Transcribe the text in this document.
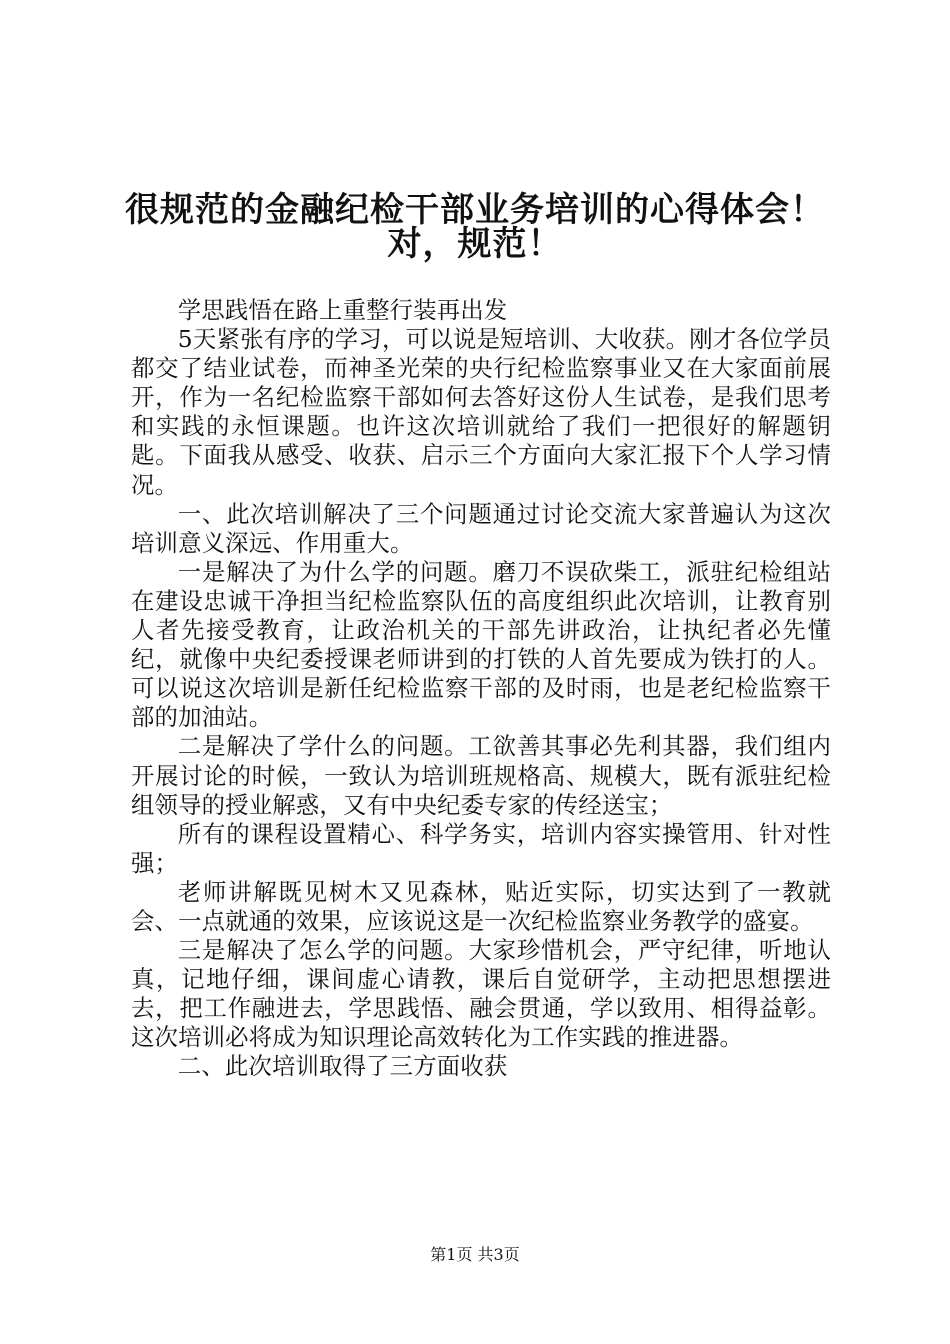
很规范的金融纪检干部业务培训的心得体会！
对，规范！

学思践悟在路上重整行装再出发

5天紧张有序的学习，可以说是短培训、大收获。刚才各位学员都交了结业试卷，而神圣光荣的央行纪检监察事业又在大家面前展开，作为一名纪检监察干部如何去答好这份人生试卷，是我们思考和实践的永恒课题。也许这次培训就给了我们一把很好的解题钥匙。下面我从感受、收获、启示三个方面向大家汇报下个人学习情况。

一、此次培训解决了三个问题通过讨论交流大家普遍认为这次培训意义深远、作用重大。

一是解决了为什么学的问题。磨刀不误砍柴工，派驻纪检组站在建设忠诚干净担当纪检监察队伍的高度组织此次培训，让教育别人者先接受教育，让政治机关的干部先讲政治，让执纪者必先懂纪，就像中央纪委授课老师讲到的打铁的人首先要成为铁打的人。可以说这次培训是新任纪检监察干部的及时雨，也是老纪检监察干部的加油站。

二是解决了学什么的问题。工欲善其事必先利其器，我们组内开展讨论的时候，一致认为培训班规格高、规模大，既有派驻纪检组领导的授业解惑，又有中央纪委专家的传经送宝；

所有的课程设置精心、科学务实，培训内容实操管用、针对性强；

老师讲解既见树木又见森林，贴近实际，切实达到了一教就会、一点就通的效果，应该说这是一次纪检监察业务教学的盛宴。

三是解决了怎么学的问题。大家珍惜机会，严守纪律，听地认真，记地仔细，课间虚心请教，课后自觉研学，主动把思想摆进去，把工作融进去，学思践悟、融会贯通，学以致用、相得益彰。这次培训必将成为知识理论高效转化为工作实践的推进器。

二、此次培训取得了三方面收获

第1页 共3页
